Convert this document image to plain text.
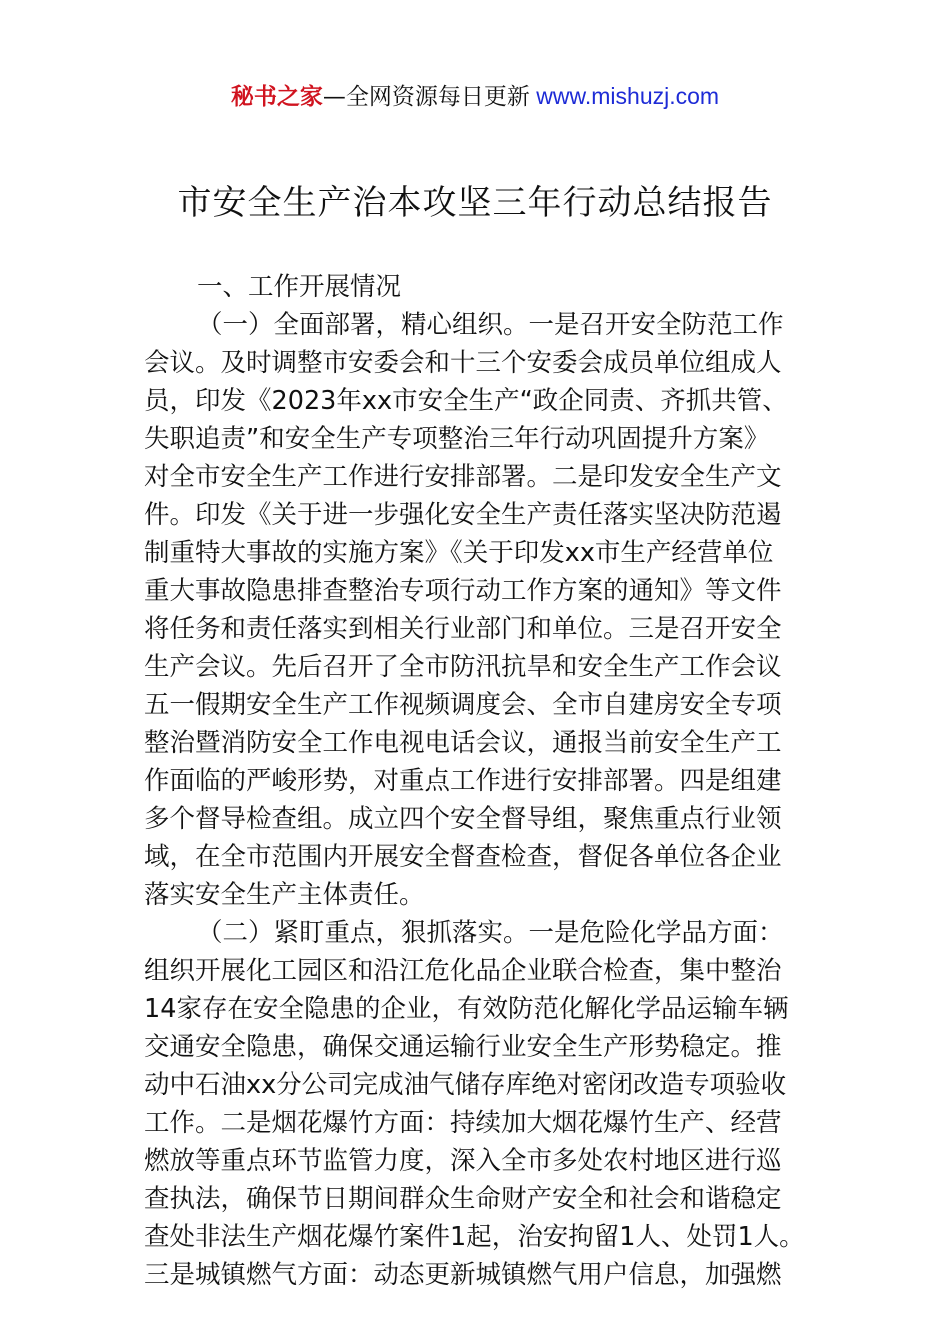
秘书之家—全网资源每日更新 www.mishuzj.com
市安全生产治本攻坚三年行动总结报告
一、工作开展情况
（一）全面部署，精心组织。一是召开安全防范工作
会议。及时调整市安委会和十三个安委会成员单位组成人
员，印发《2023年xx市安全生产“政企同责、齐抓共管、
失职追责”和安全生产专项整治三年行动巩固提升方案》
对全市安全生产工作进行安排部署。二是印发安全生产文
件。印发《关于进一步强化安全生产责任落实坚决防范遏
制重特大事故的实施方案》《关于印发xx市生产经营单位
重大事故隐患排查整治专项行动工作方案的通知》等文件
将任务和责任落实到相关行业部门和单位。三是召开安全
生产会议。先后召开了全市防汛抗旱和安全生产工作会议
五一假期安全生产工作视频调度会、全市自建房安全专项
整治暨消防安全工作电视电话会议，通报当前安全生产工
作面临的严峻形势，对重点工作进行安排部署。四是组建
多个督导检查组。成立四个安全督导组，聚焦重点行业领
域，在全市范围内开展安全督查检查，督促各单位各企业
落实安全生产主体责任。
（二）紧盯重点，狠抓落实。一是危险化学品方面：
组织开展化工园区和沿江危化品企业联合检查，集中整治
14家存在安全隐患的企业，有效防范化解化学品运输车辆
交通安全隐患，确保交通运输行业安全生产形势稳定。推
动中石油xx分公司完成油气储存库绝对密闭改造专项验收
工作。二是烟花爆竹方面：持续加大烟花爆竹生产、经营
燃放等重点环节监管力度，深入全市多处农村地区进行巡
查执法，确保节日期间群众生命财产安全和社会和谐稳定
查处非法生产烟花爆竹案件1起，治安拘留1人、处罚1人。
三是城镇燃气方面：动态更新城镇燃气用户信息，加强燃
